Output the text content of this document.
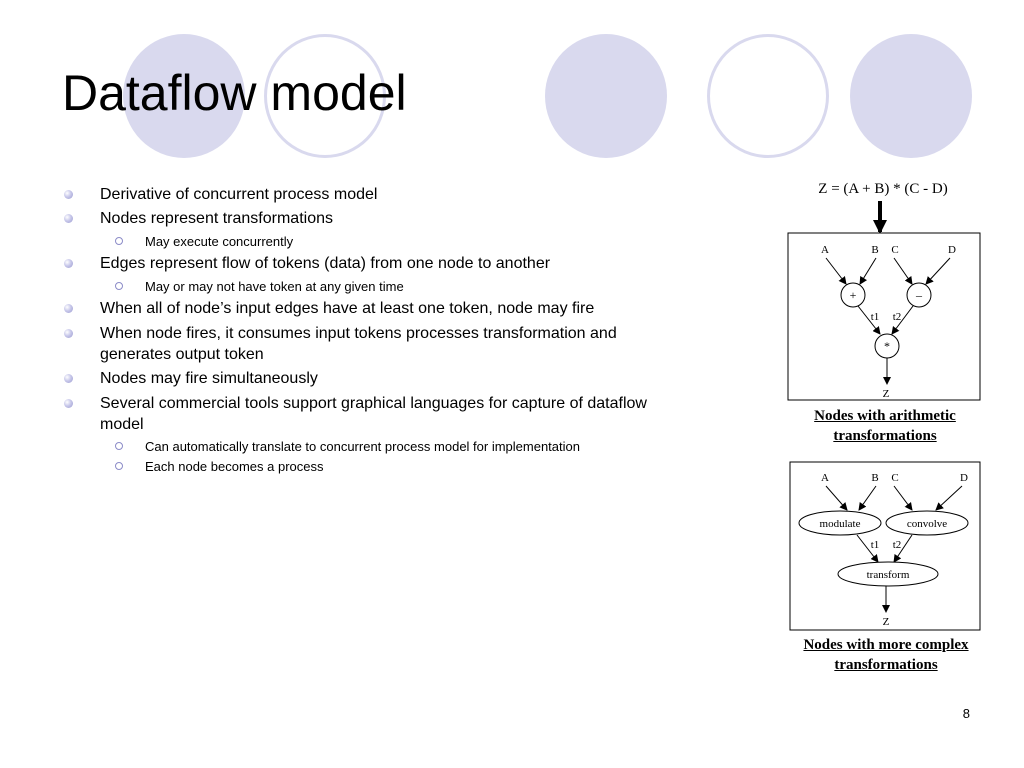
Dataflow model

Derivative of concurrent process model

Nodes represent transformations

May execute concurrently

Edges represent flow of tokens (data) from one node to another

May or may not have token at any given time

When all of node’s input edges have at least one token, node may fire

When node fires, it consumes input tokens processes transformation and generates output token

Nodes may fire simultaneously

Several commercial tools support graphical languages for capture of dataflow model

Can automatically translate to concurrent process model for implementation

Each node becomes a process

Z = (A + B) * (C - D)
A	B C	D
+	–
t1 t2
*
Z
A	B C	D
modulate	convolve
t1 t2
transform
Z
Nodes with arithmetic
transformations
Nodes with more complex
transformations
8
